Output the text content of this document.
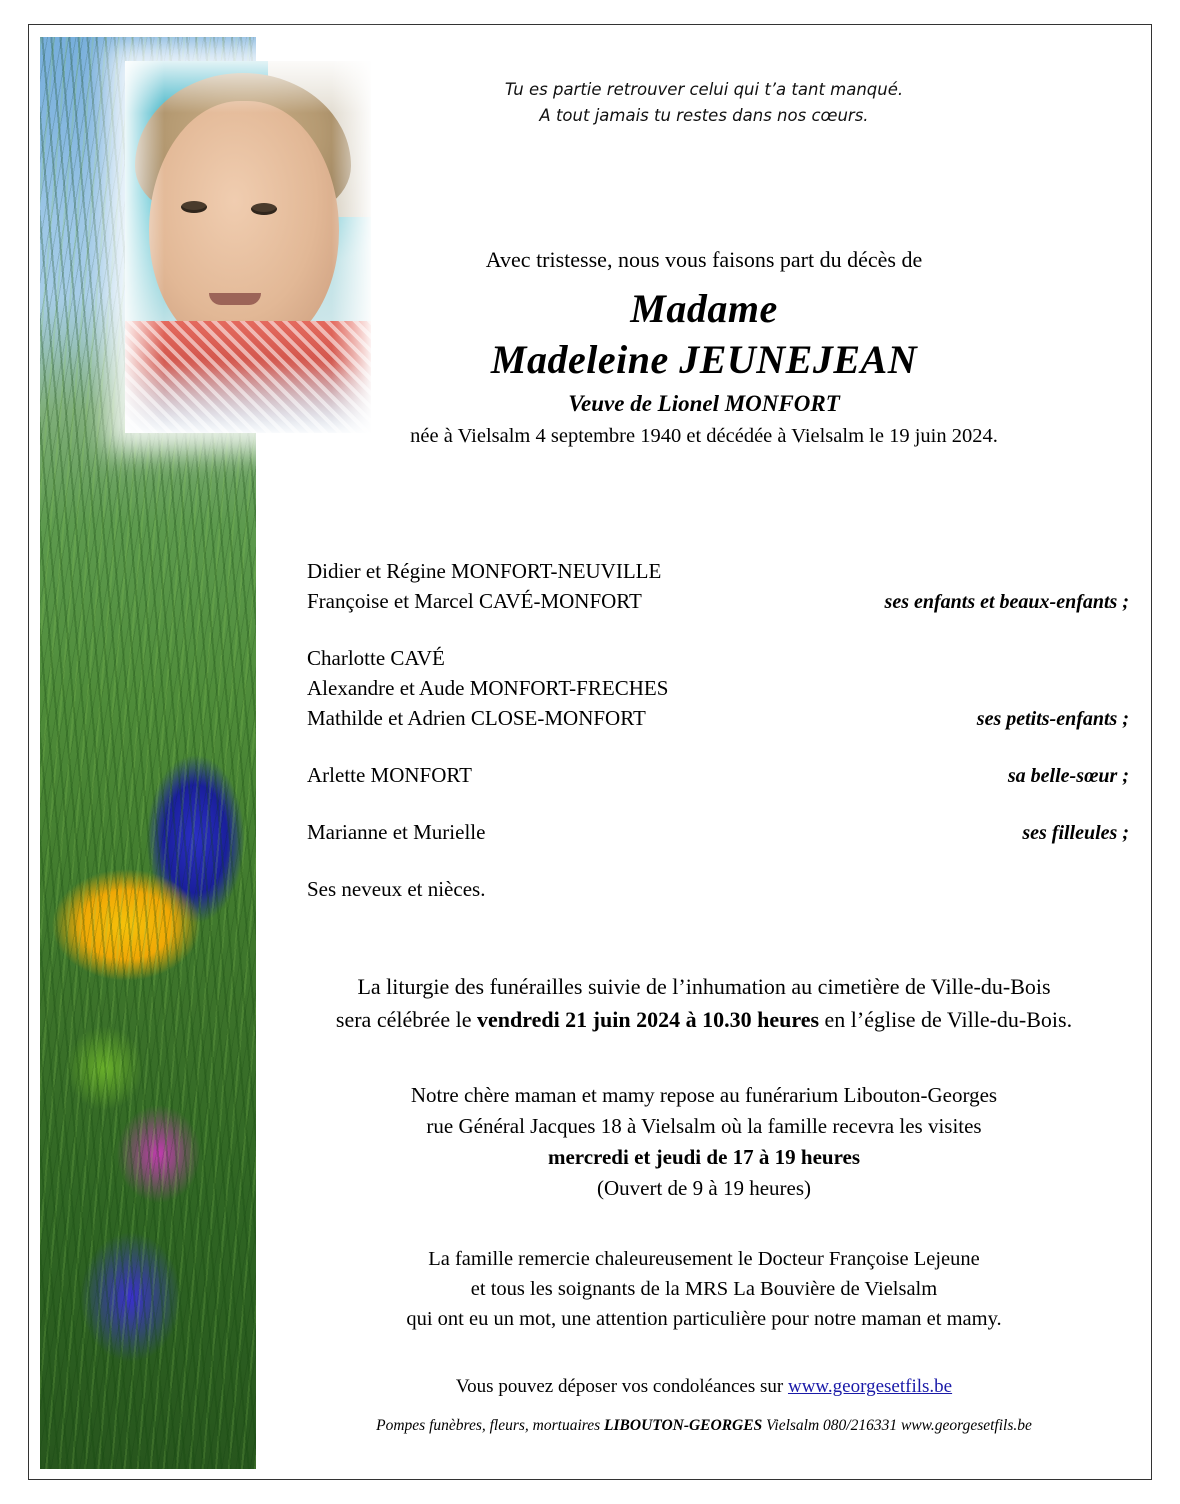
Tu es partie retrouver celui qui t’a tant manqué.
A tout jamais tu restes dans nos cœurs.
Avec tristesse, nous vous faisons part du décès de
Madame
Madeleine JEUNEJEAN
Veuve de Lionel MONFORT
née à Vielsalm 4 septembre 1940 et décédée à Vielsalm le 19 juin 2024.
Didier et Régine MONFORT-NEUVILLE
Françoise et Marcel CAVÉ-MONFORT	ses enfants et beaux-enfants ;
Charlotte CAVÉ
Alexandre et Aude MONFORT-FRECHES
Mathilde et Adrien CLOSE-MONFORT	ses petits-enfants ;
Arlette MONFORT	sa belle-sœur ;
Marianne et Murielle	ses filleules ;
Ses neveux et nièces.
La liturgie des funérailles suivie de l’inhumation au cimetière de Ville-du-Bois
sera célébrée le vendredi 21 juin 2024 à 10.30 heures en l’église de Ville-du-Bois.
Notre chère maman et mamy repose au funérarium Libouton-Georges
rue Général Jacques 18 à Vielsalm où la famille recevra les visites
mercredi et jeudi de 17 à 19 heures
(Ouvert de 9 à 19 heures)
La famille remercie chaleureusement le Docteur Françoise Lejeune
et tous les soignants de la MRS La Bouvière de Vielsalm
qui ont eu un mot, une attention particulière pour notre maman et mamy.
Vous pouvez déposer vos condoléances sur www.georgesetfils.be
Pompes funèbres, fleurs, mortuaires LIBOUTON-GEORGES Vielsalm 080/216331 www.georgesetfils.be
